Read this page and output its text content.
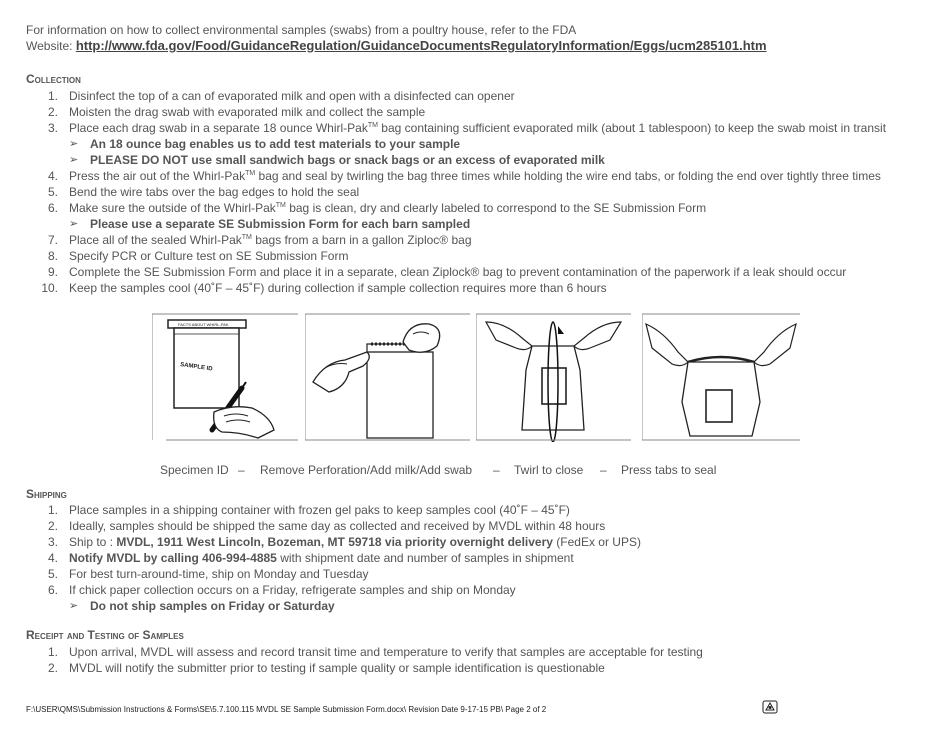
For information on how to collect environmental samples (swabs) from a poultry house, refer to the FDA
Website: http://www.fda.gov/Food/GuidanceRegulation/GuidanceDocumentsRegulatoryInformation/Eggs/ucm285101.htm
Collection
1. Disinfect the top of a can of evaporated milk and open with a disinfected can opener
2. Moisten the drag swab with evaporated milk and collect the sample
3. Place each drag swab in a separate 18 ounce Whirl-Pak™ bag containing sufficient evaporated milk (about 1 tablespoon) to keep the swab moist in transit
➢ An 18 ounce bag enables us to add test materials to your sample
➢ PLEASE DO NOT use small sandwich bags or snack bags or an excess of evaporated milk
4. Press the air out of the Whirl-Pak™ bag and seal by twirling the bag three times while holding the wire end tabs, or folding the end over tightly three times
5. Bend the wire tabs over the bag edges to hold the seal
6. Make sure the outside of the Whirl-Pak™ bag is clean, dry and clearly labeled to correspond to the SE Submission Form
➢ Please use a separate SE Submission Form for each barn sampled
7. Place all of the sealed Whirl-Pak™ bags from a barn in a gallon Ziploc® bag
8. Specify PCR or Culture test on SE Submission Form
9. Complete the SE Submission Form and place it in a separate, clean Ziplock® bag to prevent contamination of the paperwork if a leak should occur
10. Keep the samples cool (40˚F – 45˚F) during collection if sample collection requires more than 6 hours
FACTS ABOUT WHIRL-PAK
SAMPLE ID
Specimen ID – Remove Perforation/Add milk/Add swab – Twirl to close – Press tabs to seal
Shipping
1. Place samples in a shipping container with frozen gel paks to keep samples cool (40˚F – 45˚F)
2. Ideally, samples should be shipped the same day as collected and received by MVDL within 48 hours
3. Ship to : MVDL, 1911 West Lincoln, Bozeman, MT 59718 via priority overnight delivery (FedEx or UPS)
4. Notify MVDL by calling 406-994-4885 with shipment date and number of samples in shipment
5. For best turn-around-time, ship on Monday and Tuesday
6. If chick paper collection occurs on a Friday, refrigerate samples and ship on Monday
➢ Do not ship samples on Friday or Saturday
Receipt and Testing of Samples
1. Upon arrival, MVDL will assess and record transit time and temperature to verify that samples are acceptable for testing
2. MVDL will notify the submitter prior to testing if sample quality or sample identification is questionable
F:\USER\QMS\Submission Instructions & Forms\SE\5.7.100.115 MVDL SE Sample Submission Form.docx\ Revision Date 9-17-15 PB\ Page 2 of 2
